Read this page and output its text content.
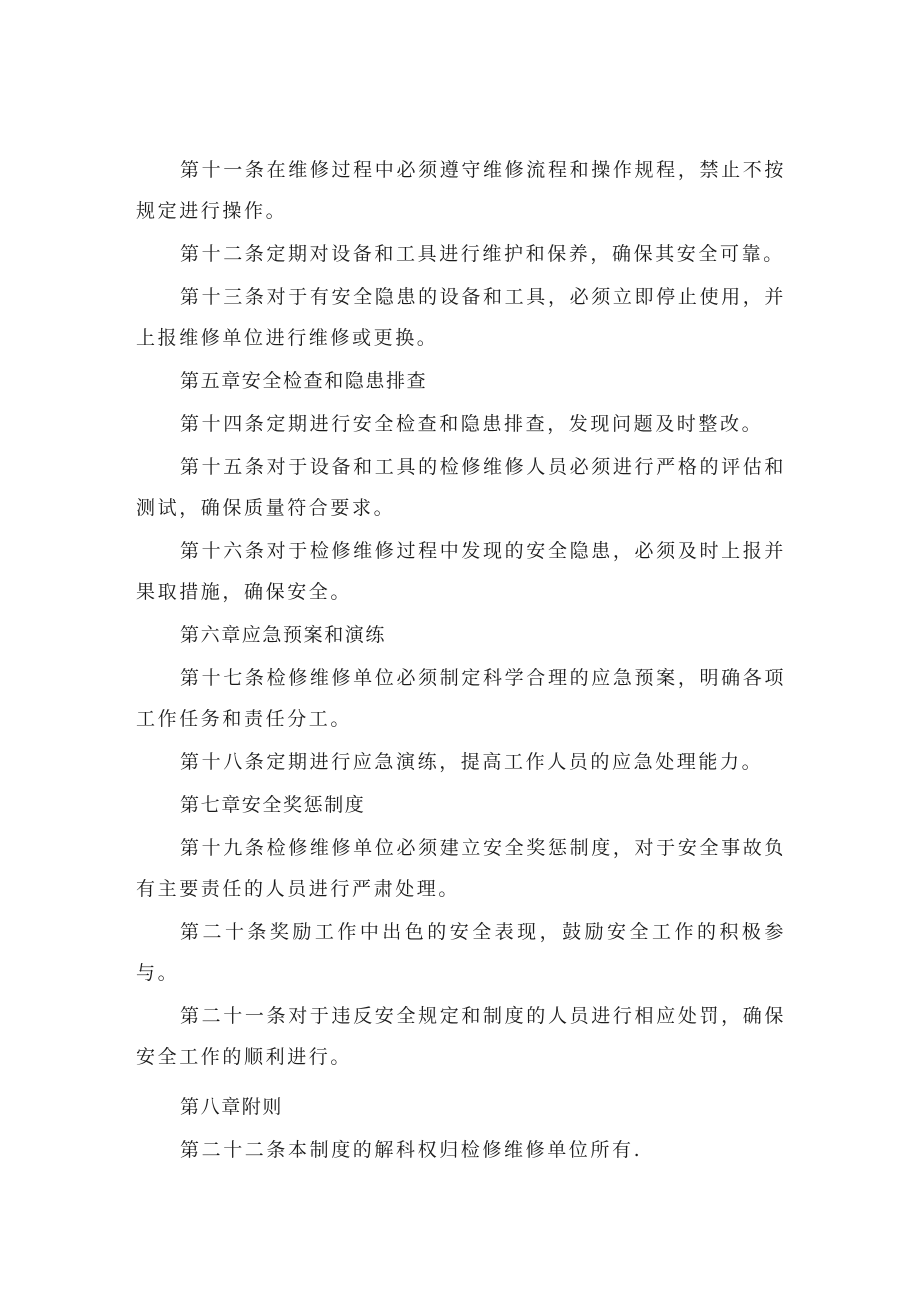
第十一条在维修过程中必须遵守维修流程和操作规程，禁止不按规定进行操作。

第十二条定期对设备和工具进行维护和保养，确保其安全可靠。

第十三条对于有安全隐患的设备和工具，必须立即停止使用，并上报维修单位进行维修或更换。

第五章安全检查和隐患排查

第十四条定期进行安全检查和隐患排查，发现问题及时整改。

第十五条对于设备和工具的检修维修人员必须进行严格的评估和测试，确保质量符合要求。

第十六条对于检修维修过程中发现的安全隐患，必须及时上报并果取措施，确保安全。

第六章应急预案和演练

第十七条检修维修单位必须制定科学合理的应急预案，明确各项工作任务和责任分工。

第十八条定期进行应急演练，提高工作人员的应急处理能力。

第七章安全奖惩制度

第十九条检修维修单位必须建立安全奖惩制度，对于安全事故负有主要责任的人员进行严肃处理。

第二十条奖励工作中出色的安全表现，鼓励安全工作的积极参与。

第二十一条对于违反安全规定和制度的人员进行相应处罚，确保安全工作的顺利进行。

第八章附则

第二十二条本制度的解科权归检修维修单位所有.
